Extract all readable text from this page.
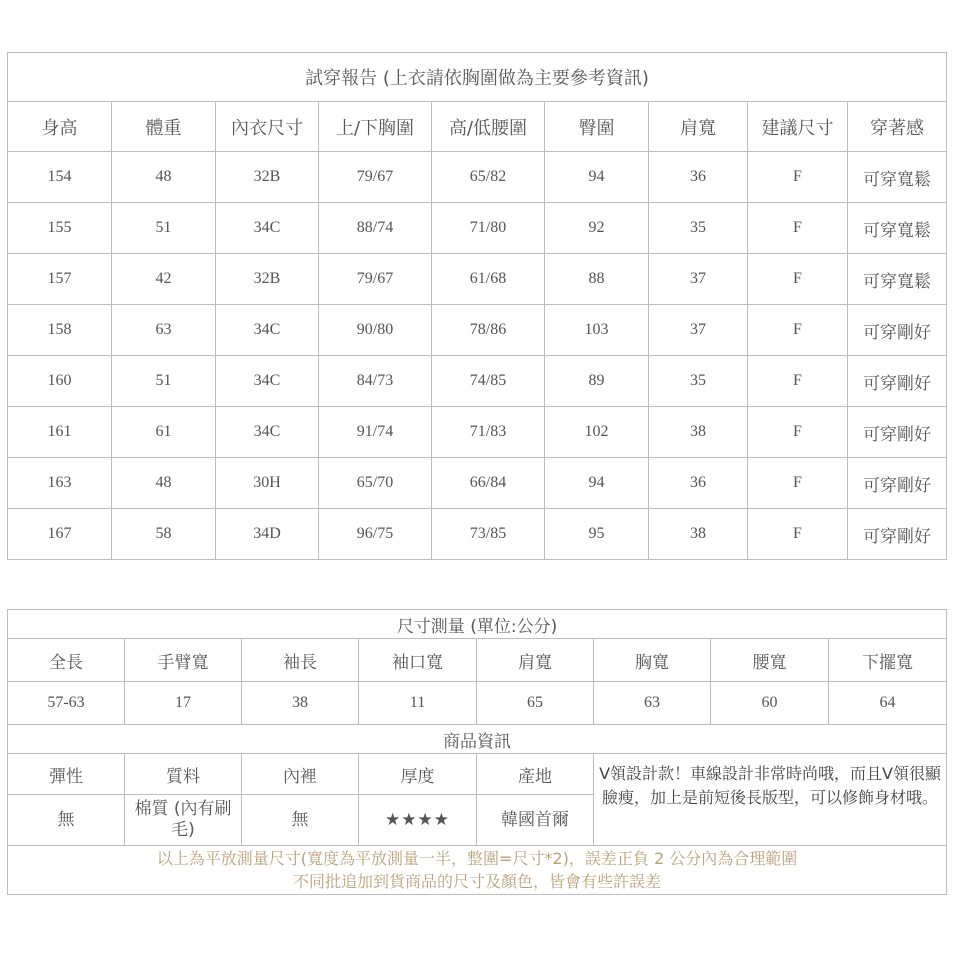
試穿報告 (上衣請依胸圍做為主要參考資訊)								
身高	體重	內衣尺寸	上/下胸圍	高/低腰圍	臀圍	肩寬	建議尺寸	穿著感
154	48	32B	79/67	65/82	94	36	F	可穿寬鬆
155	51	34C	88/74	71/80	92	35	F	可穿寬鬆
157	42	32B	79/67	61/68	88	37	F	可穿寬鬆
158	63	34C	90/80	78/86	103	37	F	可穿剛好
160	51	34C	84/73	74/85	89	35	F	可穿剛好
161	61	34C	91/74	71/83	102	38	F	可穿剛好
163	48	30H	65/70	66/84	94	36	F	可穿剛好
167	58	34D	96/75	73/85	95	38	F	可穿剛好
尺寸測量 (單位:公分)							
全長	手臂寬	袖長	袖口寬	肩寬	胸寬	腰寬	下擺寬
57-63	17	38	11	65	63	60	64
商品資訊							
彈性	質料	內裡	厚度	產地	V領設計款！車線設計非常時尚哦，而且V領很顯臉瘦，加上是前短後長版型，可以修飾身材哦。		
無	棉質 (內有刷毛)	無	★★★★	韓國首爾			

以上為平放測量尺寸(寬度為平放測量一半，整圍=尺寸*2)，誤差正負 2 公分內為合理範圍
不同批追加到貨商品的尺寸及顏色，皆會有些許誤差							
